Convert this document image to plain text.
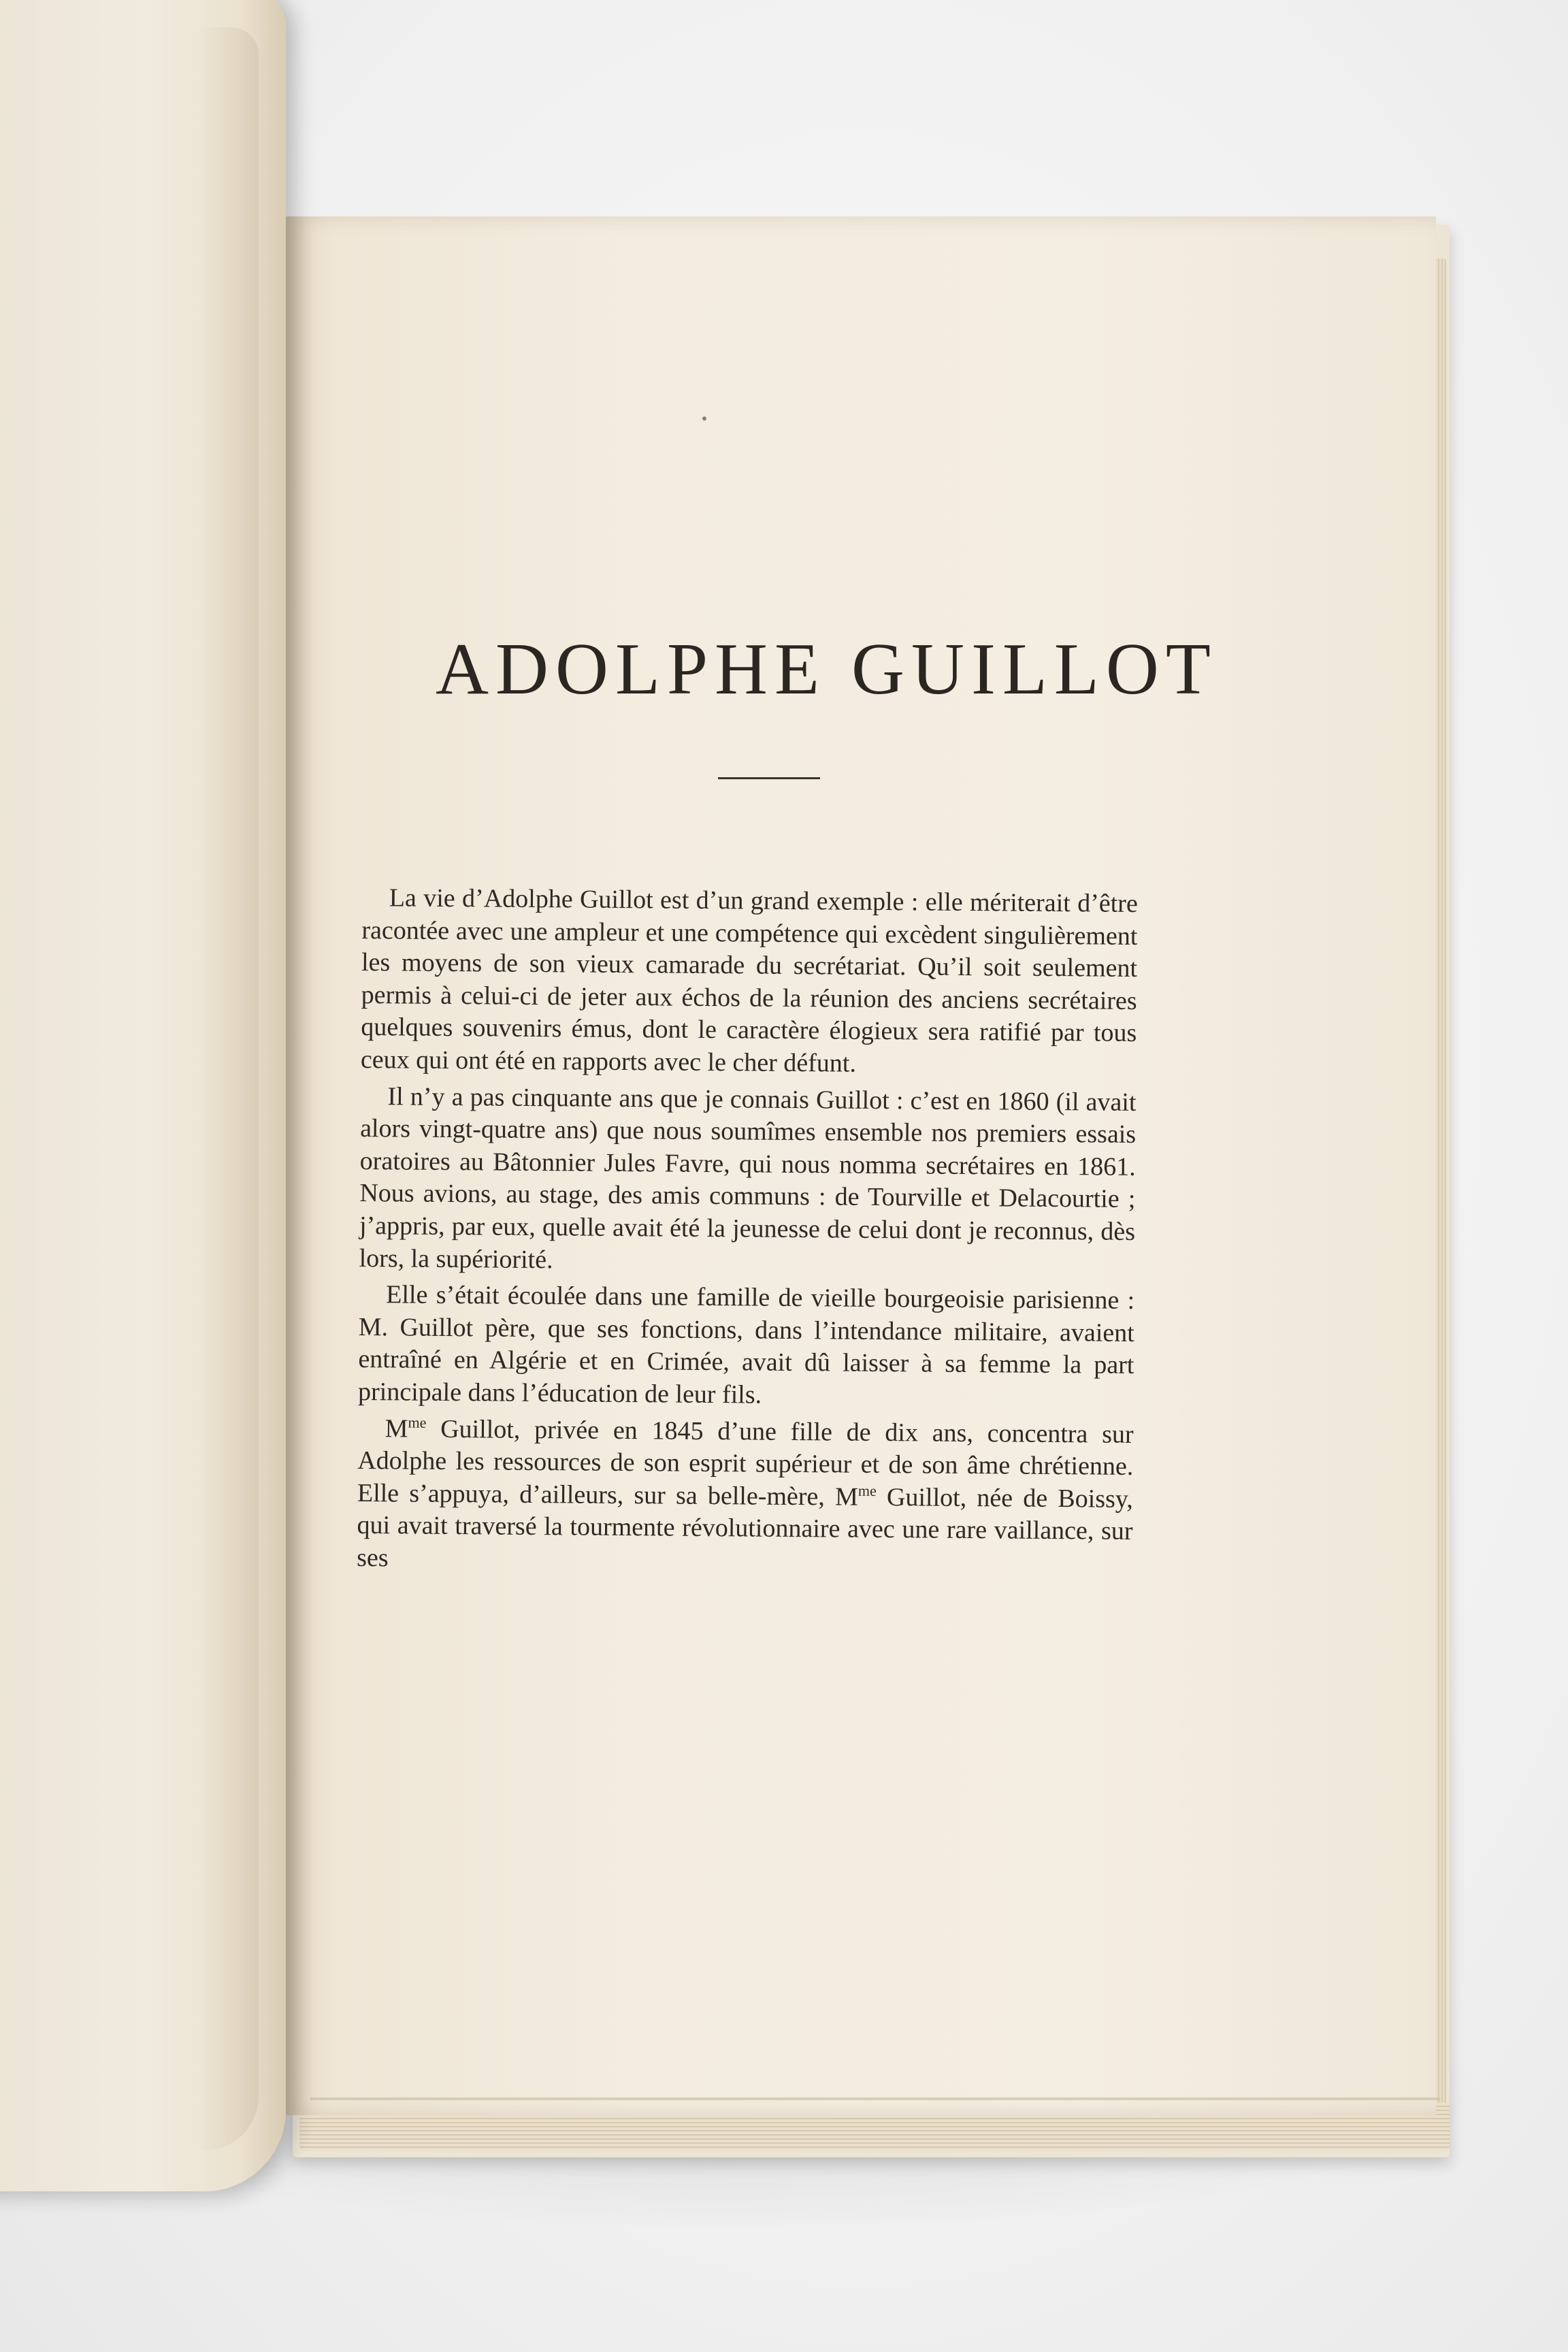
ADOLPHE GUILLOT

La vie d’Adolphe Guillot est d’un grand exemple : elle mériterait d’être racontée avec une ampleur et une compétence qui excèdent singulièrement les moyens de son vieux camarade du secrétariat. Qu’il soit seulement permis à celui-ci de jeter aux échos de la réunion des anciens secrétaires quelques souvenirs émus, dont le caractère élogieux sera ratifié par tous ceux qui ont été en rapports avec le cher défunt.

Il n’y a pas cinquante ans que je connais Guillot : c’est en 1860 (il avait alors vingt-quatre ans) que nous soumîmes ensemble nos premiers essais oratoires au Bâtonnier Jules Favre, qui nous nomma secrétaires en 1861. Nous avions, au stage, des amis communs : de Tourville et Delacourtie ; j’appris, par eux, quelle avait été la jeunesse de celui dont je reconnus, dès lors, la supériorité.

Elle s’était écoulée dans une famille de vieille bourgeoisie parisienne : M. Guillot père, que ses fonctions, dans l’intendance militaire, avaient entraîné en Algérie et en Crimée, avait dû laisser à sa femme la part principale dans l’éducation de leur fils.

$M^{me}$ Guillot, privée en 1845 d’une fille de dix ans, concentra sur Adolphe les ressources de son esprit supérieur et de son âme chrétienne. Elle s’appuya, d’ailleurs, sur sa belle-mère, $M^{me}$ Guillot, née de Boissy, qui avait traversé la tourmente révolutionnaire avec une rare vaillance, sur ses
